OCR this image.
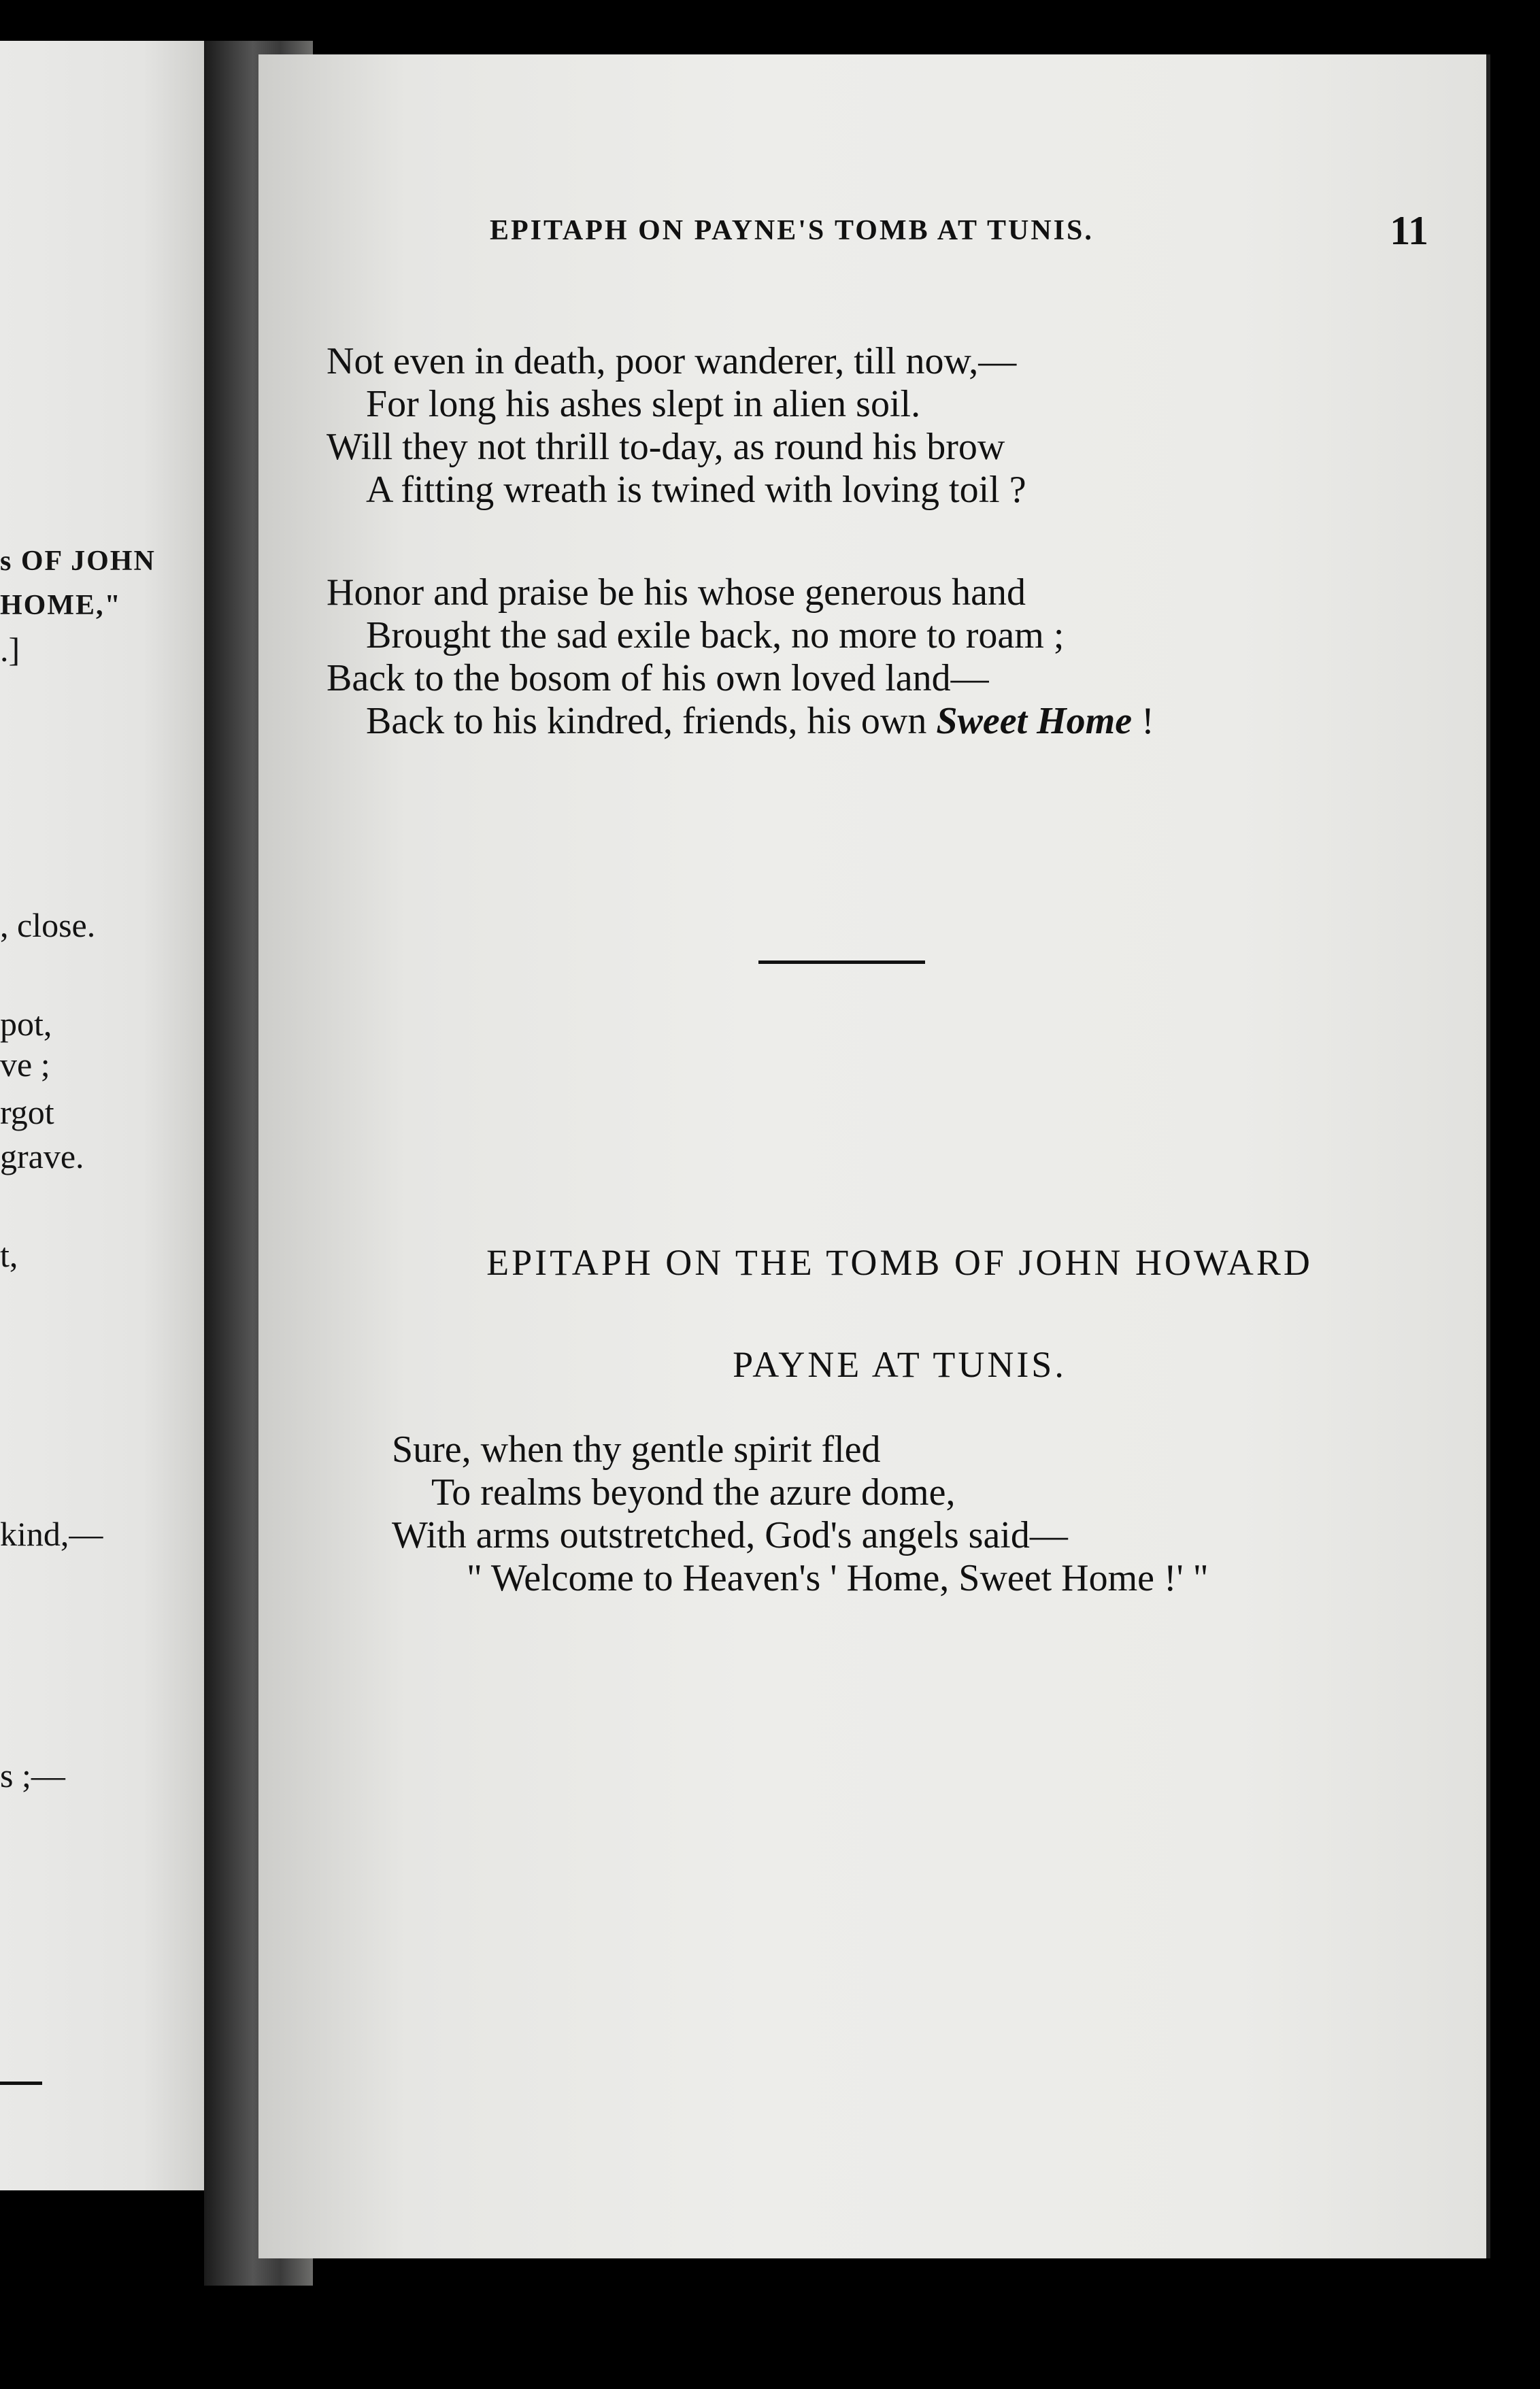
s OF JOHN
HOME,"
.]
, close.
pot,
ve ;
rgot
grave.
t,
kind,—
s ;—
EPITAPH ON PAYNE'S TOMB AT TUNIS.	11
Not even in death, poor wanderer, till now,—
For long his ashes slept in alien soil.
Will they not thrill to-day, as round his brow
A fitting wreath is twined with loving toil ?
Honor and praise be his whose generous hand
Brought the sad exile back, no more to roam ;
Back to the bosom of his own loved land—
Back to his kindred, friends, his own Sweet Home !
EPITAPH ON THE TOMB OF JOHN HOWARD
PAYNE AT TUNIS.
Sure, when thy gentle spirit fled
To realms beyond the azure dome,
With arms outstretched, God's angels said—
" Welcome to Heaven's ' Home, Sweet Home !' "
